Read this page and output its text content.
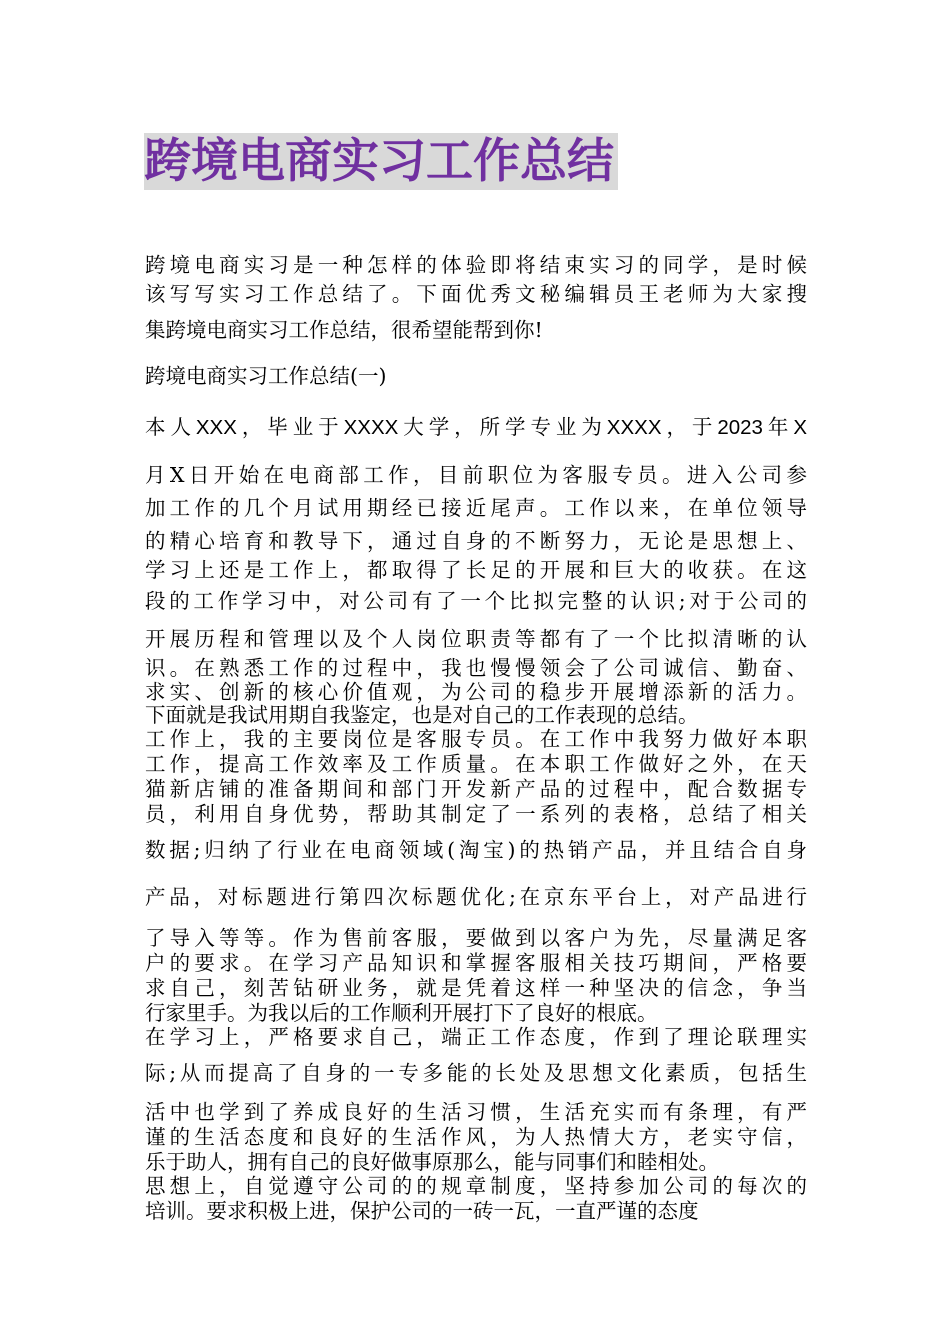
跨境电商实习工作总结
跨境电商实习是一种怎样的体验即将结束实习的同学，是时候
该写写实习工作总结了。下面优秀文秘编辑员王老师为大家搜
集跨境电商实习工作总结，很希望能帮到你!
跨境电商实习工作总结(一)
本人XXX，毕业于XXXX大学，所学专业为XXXX，于2023年X
月X日开始在电商部工作，目前职位为客服专员。进入公司参
加工作的几个月试用期经已接近尾声。工作以来，在单位领导
的精心培育和教导下，通过自身的不断努力，无论是思想上、
学习上还是工作上，都取得了长足的开展和巨大的收获。在这
段的工作学习中，对公司有了一个比拟完整的认识;对于公司的
开展历程和管理以及个人岗位职责等都有了一个比拟清晰的认
识。在熟悉工作的过程中，我也慢慢领会了公司诚信、勤奋、
求实、创新的核心价值观，为公司的稳步开展增添新的活力。
下面就是我试用期自我鉴定，也是对自己的工作表现的总结。
工作上，我的主要岗位是客服专员。在工作中我努力做好本职
工作，提高工作效率及工作质量。在本职工作做好之外，在天
猫新店铺的准备期间和部门开发新产品的过程中，配合数据专
员，利用自身优势，帮助其制定了一系列的表格，总结了相关
数据;归纳了行业在电商领域(淘宝)的热销产品，并且结合自身
产品，对标题进行第四次标题优化;在京东平台上，对产品进行
了导入等等。作为售前客服，要做到以客户为先，尽量满足客
户的要求。在学习产品知识和掌握客服相关技巧期间，严格要
求自己，刻苦钻研业务，就是凭着这样一种坚决的信念，争当
行家里手。为我以后的工作顺利开展打下了良好的根底。
在学习上，严格要求自己，端正工作态度，作到了理论联理实
际;从而提高了自身的一专多能的长处及思想文化素质，包括生
活中也学到了养成良好的生活习惯，生活充实而有条理，有严
谨的生活态度和良好的生活作风，为人热情大方，老实守信，
乐于助人，拥有自己的良好做事原那么，能与同事们和睦相处。
思想上，自觉遵守公司的的规章制度，坚持参加公司的每次的
培训。要求积极上进，保护公司的一砖一瓦，一直严谨的态度
